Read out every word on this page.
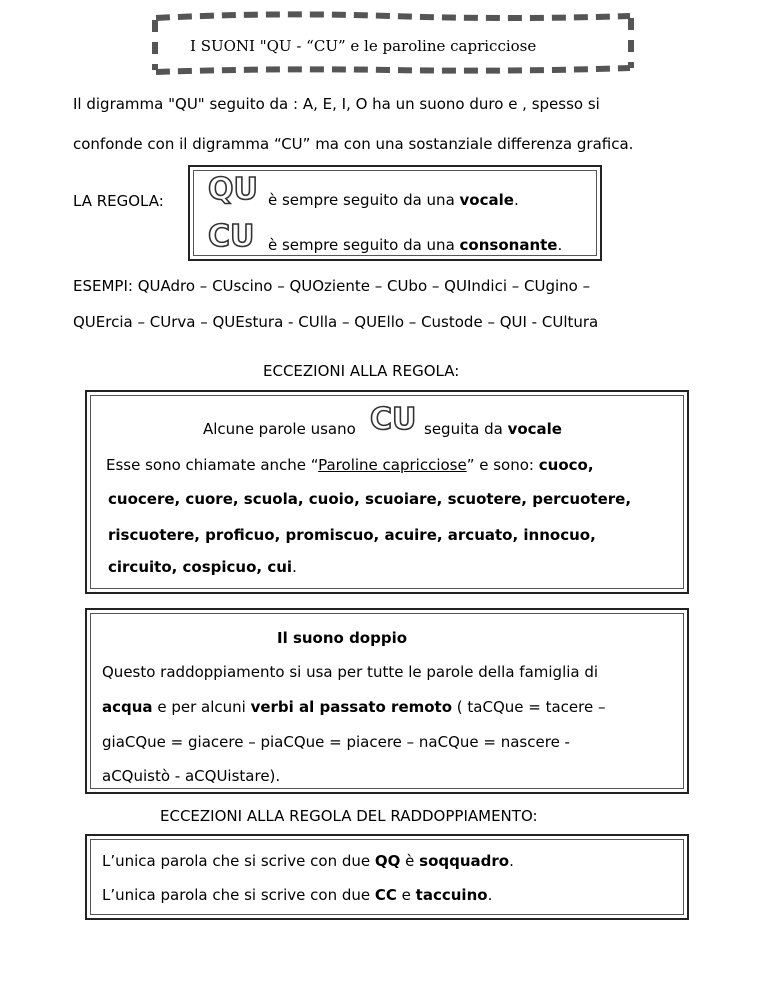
I SUONI "QU - “CU” e le paroline capricciose
Il digramma "QU" seguito da : A, E, I, O ha un suono duro e , spesso si
confonde con il digramma “CU” ma con una sostanziale differenza grafica.
LA REGOLA: QU è sempre seguito da una vocale.
CU è sempre seguito da una consonante.
ESEMPI: QUAdro – CUscino – QUOziente – CUbo – QUIndici – CUgino –
QUErcia – CUrva – QUEstura - CUlla – QUEllo – Custode – QUI - CUltura
ECCEZIONI ALLA REGOLA:
Alcune parole usano CU seguita da vocale
Esse sono chiamate anche “Paroline capricciose” e sono: cuoco,
cuocere, cuore, scuola, cuoio, scuoiare, scuotere, percuotere,
riscuotere, proficuo, promiscuo, acuire, arcuato, innocuo,
circuito, cospicuo, cui.
Il suono doppio
Questo raddoppiamento si usa per tutte le parole della famiglia di
acqua e per alcuni verbi al passato remoto ( taCQue = tacere –
giaCQue = giacere – piaCQue = piacere – naCQue = nascere -
aCQuistò - aCQUistare).
ECCEZIONI ALLA REGOLA DEL RADDOPPIAMENTO:
L’unica parola che si scrive con due QQ è soqquadro.
L’unica parola che si scrive con due CC e taccuino.
